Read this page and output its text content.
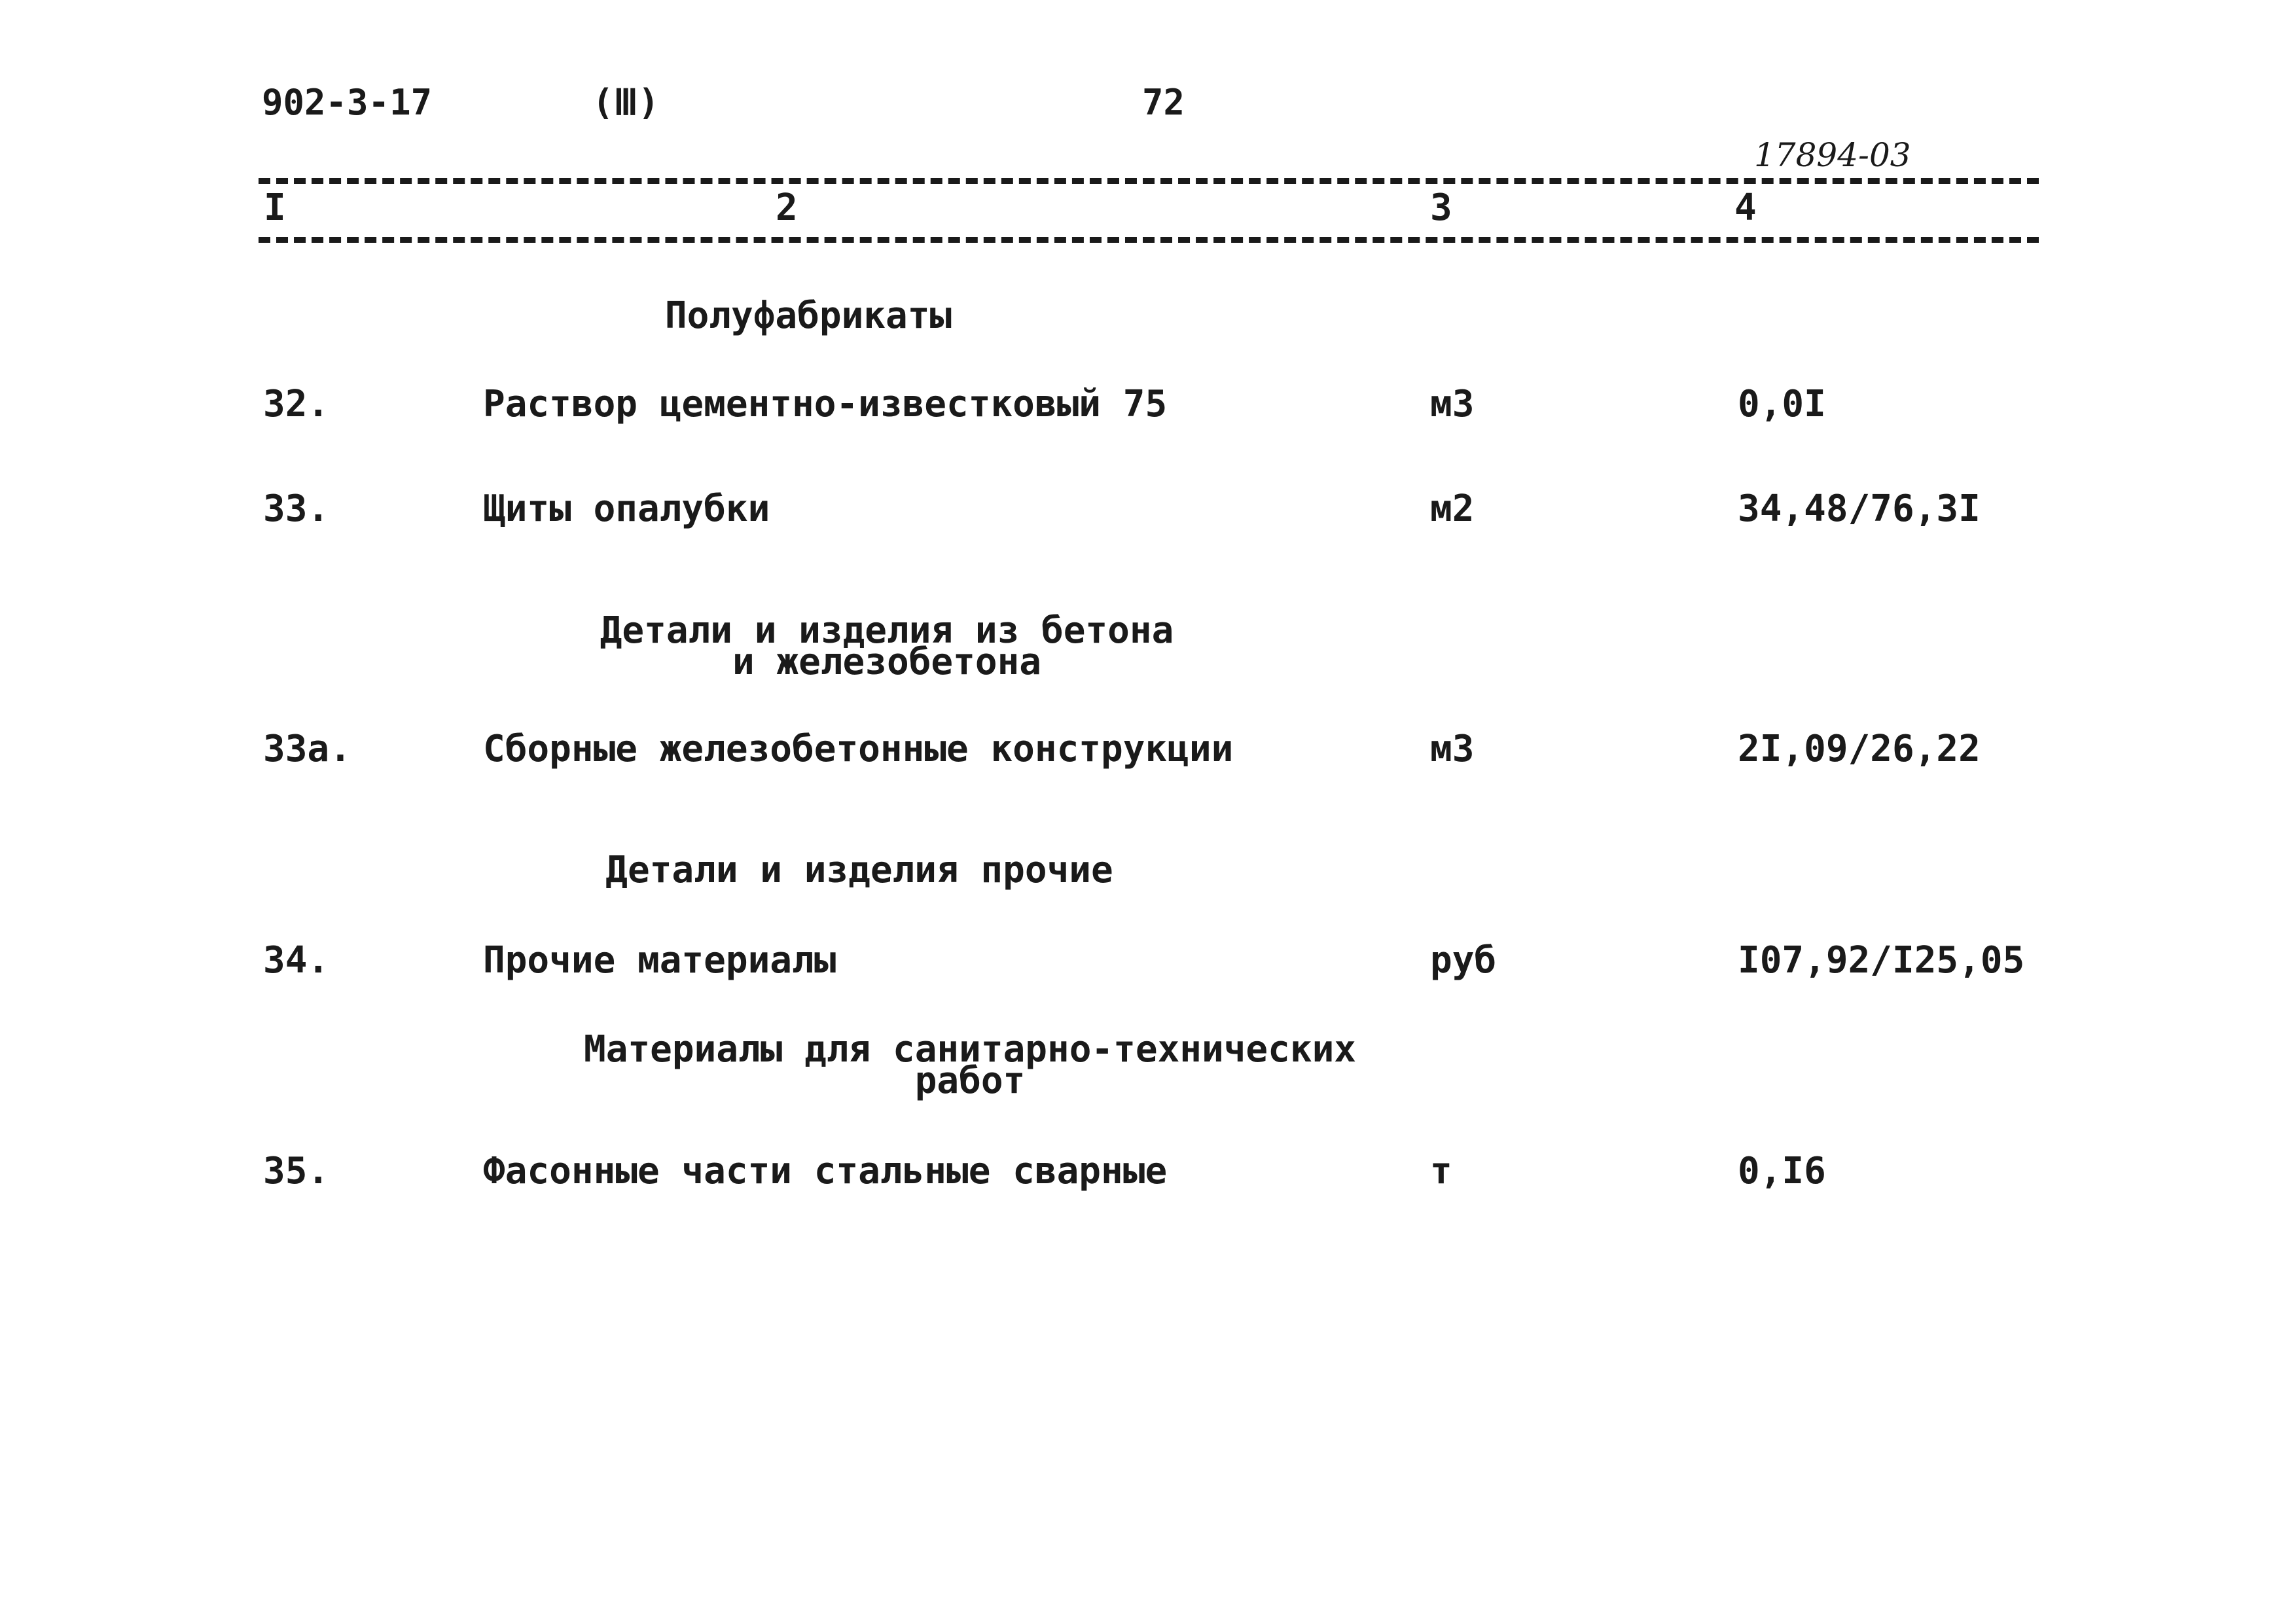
902-3-17	(Ⅲ)	72
17894-03
I	2	3	4
Полуфабрикаты
32.	Раствор цементно-известковый 75	м3	0,0I
33.	Щиты опалубки	м2	34,48/76,3I
Детали и изделия из бетона
и железобетона
33а.	Сборные железобетонные конструкции	м3	2I,09/26,22
Детали и изделия прочие
34.	Прочие материалы	руб	I07,92/I25,05
Материалы для санитарно-технических
работ
35.	Фасонные части стальные сварные	т	0,I6
